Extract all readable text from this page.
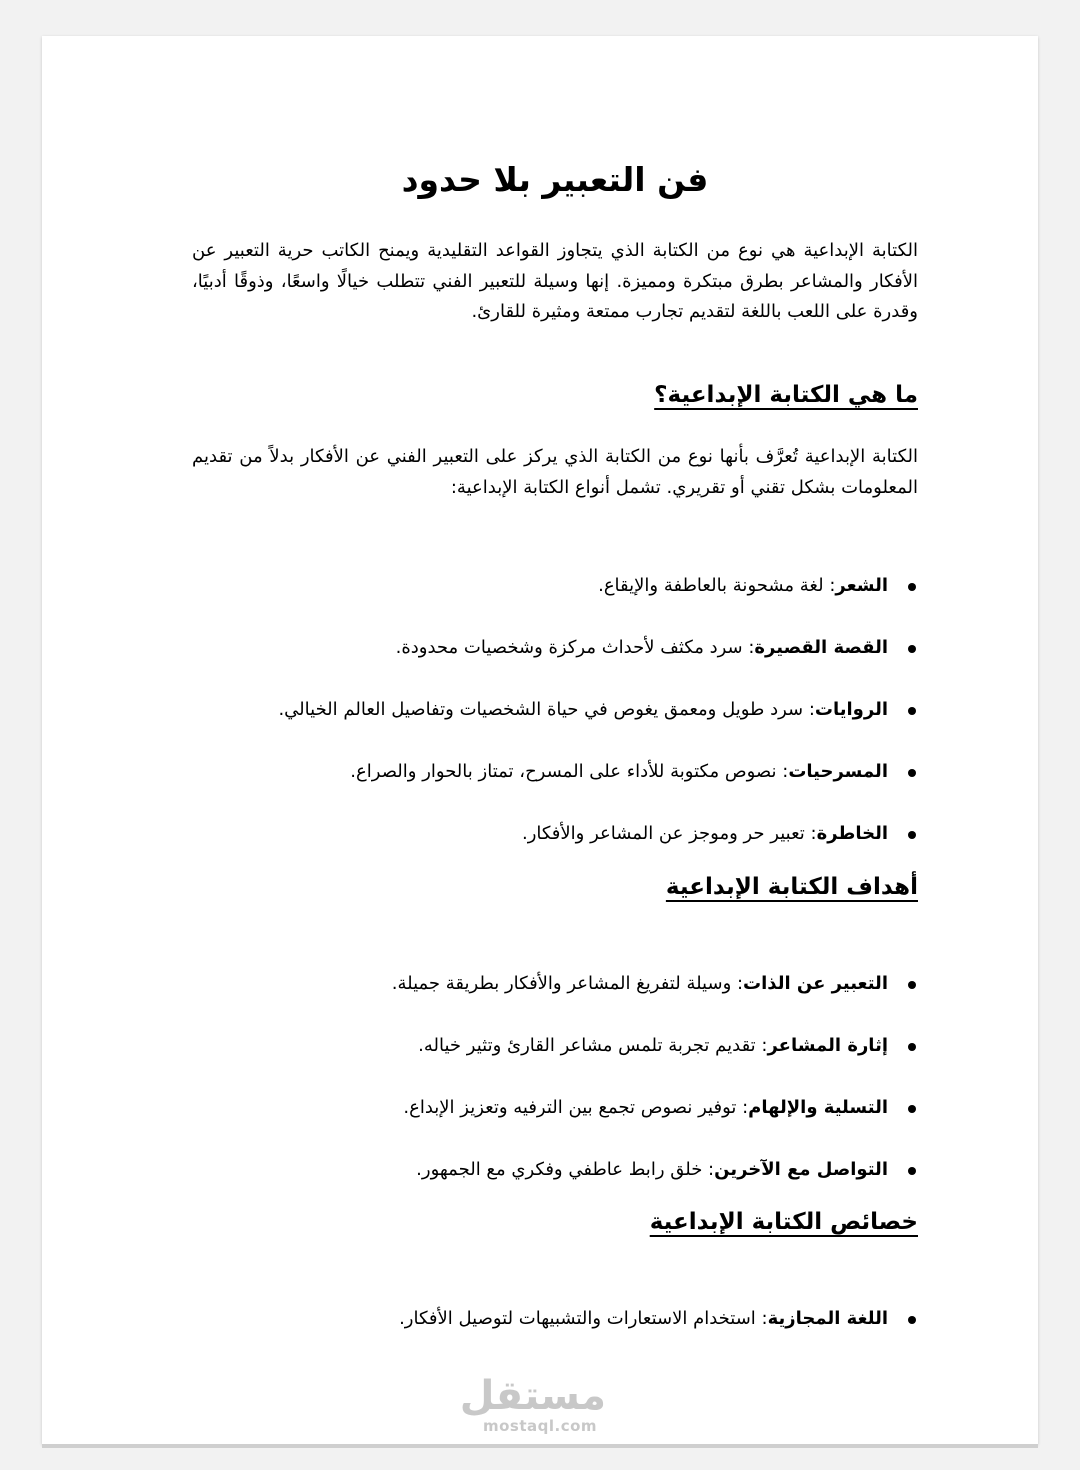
فن التعبير بلا حدود

الكتابة الإبداعية هي نوع من الكتابة الذي يتجاوز القواعد التقليدية ويمنح الكاتب حرية التعبير عن الأفكار والمشاعر بطرق مبتكرة ومميزة. إنها وسيلة للتعبير الفني تتطلب خيالًا واسعًا، وذوقًا أدبيًا، وقدرة على اللعب باللغة لتقديم تجارب ممتعة ومثيرة للقارئ.

ما هي الكتابة الإبداعية؟

الكتابة الإبداعية تُعرَّف بأنها نوع من الكتابة الذي يركز على التعبير الفني عن الأفكار بدلاً من تقديم المعلومات بشكل تقني أو تقريري. تشمل أنواع الكتابة الإبداعية:

الشعر: لغة مشحونة بالعاطفة والإيقاع.
القصة القصيرة: سرد مكثف لأحداث مركزة وشخصيات محدودة.
الروايات: سرد طويل ومعمق يغوص في حياة الشخصيات وتفاصيل العالم الخيالي.
المسرحيات: نصوص مكتوبة للأداء على المسرح، تمتاز بالحوار والصراع.
الخاطرة: تعبير حر وموجز عن المشاعر والأفكار.
أهداف الكتابة الإبداعية
التعبير عن الذات: وسيلة لتفريغ المشاعر والأفكار بطريقة جميلة.
إثارة المشاعر: تقديم تجربة تلمس مشاعر القارئ وتثير خياله.
التسلية والإلهام: توفير نصوص تجمع بين الترفيه وتعزيز الإبداع.
التواصل مع الآخرين: خلق رابط عاطفي وفكري مع الجمهور.
خصائص الكتابة الإبداعية
اللغة المجازية: استخدام الاستعارات والتشبيهات لتوصيل الأفكار.
مستقل
mostaql.com
